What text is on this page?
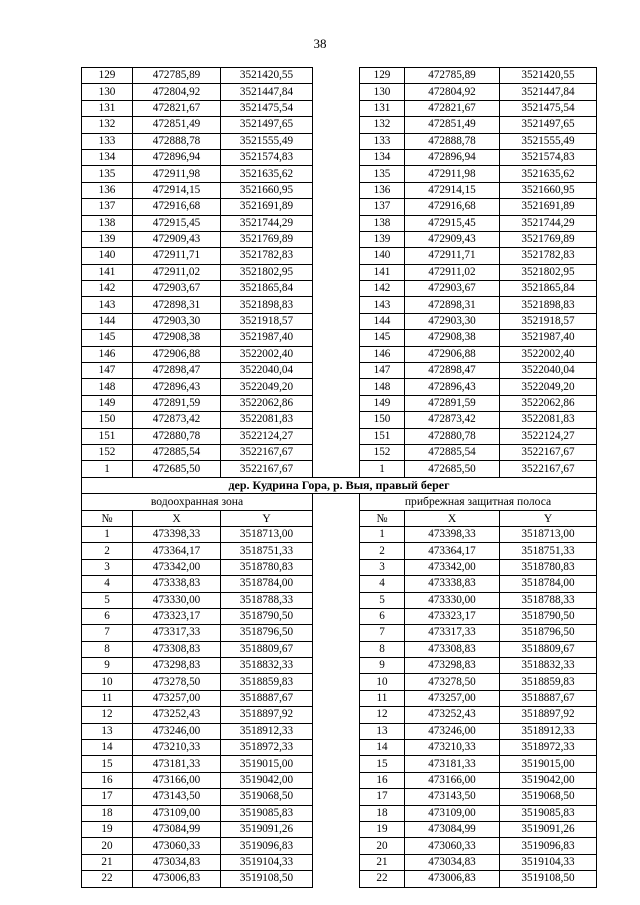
38
129	472785,89	3521420,55		129	472785,89	3521420,55
130	472804,92	3521447,84		130	472804,92	3521447,84
131	472821,67	3521475,54		131	472821,67	3521475,54
132	472851,49	3521497,65		132	472851,49	3521497,65
133	472888,78	3521555,49		133	472888,78	3521555,49
134	472896,94	3521574,83		134	472896,94	3521574,83
135	472911,98	3521635,62		135	472911,98	3521635,62
136	472914,15	3521660,95		136	472914,15	3521660,95
137	472916,68	3521691,89		137	472916,68	3521691,89
138	472915,45	3521744,29		138	472915,45	3521744,29
139	472909,43	3521769,89		139	472909,43	3521769,89
140	472911,71	3521782,83		140	472911,71	3521782,83
141	472911,02	3521802,95		141	472911,02	3521802,95
142	472903,67	3521865,84		142	472903,67	3521865,84
143	472898,31	3521898,83		143	472898,31	3521898,83
144	472903,30	3521918,57		144	472903,30	3521918,57
145	472908,38	3521987,40		145	472908,38	3521987,40
146	472906,88	3522002,40		146	472906,88	3522002,40
147	472898,47	3522040,04		147	472898,47	3522040,04
148	472896,43	3522049,20		148	472896,43	3522049,20
149	472891,59	3522062,86		149	472891,59	3522062,86
150	472873,42	3522081,83		150	472873,42	3522081,83
151	472880,78	3522124,27		151	472880,78	3522124,27
152	472885,54	3522167,67		152	472885,54	3522167,67
1	472685,50	3522167,67		1	472685,50	3522167,67
дер. Кудрина Гора, р. Выя, правый берег						
водоохранная зона				прибрежная защитная полоса		
№	X	Y		№	X	Y
1	473398,33	3518713,00		1	473398,33	3518713,00
2	473364,17	3518751,33		2	473364,17	3518751,33
3	473342,00	3518780,83		3	473342,00	3518780,83
4	473338,83	3518784,00		4	473338,83	3518784,00
5	473330,00	3518788,33		5	473330,00	3518788,33
6	473323,17	3518790,50		6	473323,17	3518790,50
7	473317,33	3518796,50		7	473317,33	3518796,50
8	473308,83	3518809,67		8	473308,83	3518809,67
9	473298,83	3518832,33		9	473298,83	3518832,33
10	473278,50	3518859,83		10	473278,50	3518859,83
11	473257,00	3518887,67		11	473257,00	3518887,67
12	473252,43	3518897,92		12	473252,43	3518897,92
13	473246,00	3518912,33		13	473246,00	3518912,33
14	473210,33	3518972,33		14	473210,33	3518972,33
15	473181,33	3519015,00		15	473181,33	3519015,00
16	473166,00	3519042,00		16	473166,00	3519042,00
17	473143,50	3519068,50		17	473143,50	3519068,50
18	473109,00	3519085,83		18	473109,00	3519085,83
19	473084,99	3519091,26		19	473084,99	3519091,26
20	473060,33	3519096,83		20	473060,33	3519096,83
21	473034,83	3519104,33		21	473034,83	3519104,33
22	473006,83	3519108,50		22	473006,83	3519108,50
